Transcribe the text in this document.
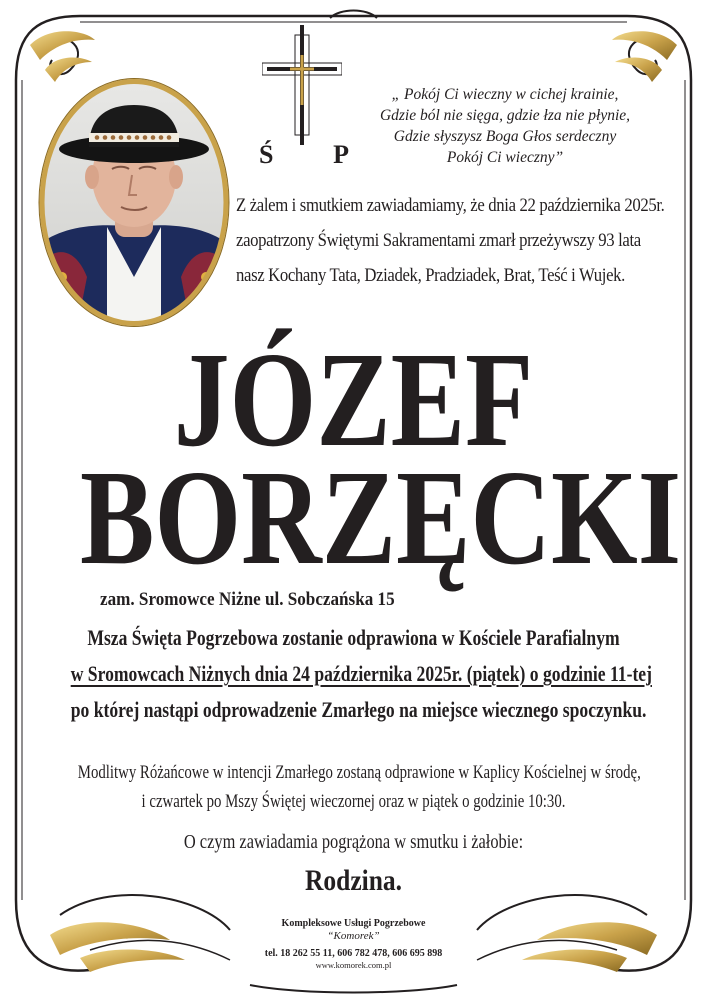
„ Pokój Ci wieczny w cichej krainie,
Gdzie ból nie sięga, gdzie łza nie płynie,
Gdzie słyszysz Boga Głos serdeczny
Pokój Ci wieczny”
Ś P
Z żalem i smutkiem zawiadamiamy, że dnia 22 października 2025r.
zaopatrzony Świętymi Sakramentami zmarł przeżywszy 93 lata
nasz Kochany Tata, Dziadek, Pradziadek, Brat, Teść i Wujek.
JÓZEF
BORZĘCKI
zam. Sromowce Niżne ul. Sobczańska 15
Msza Święta Pogrzebowa zostanie odprawiona w Kościele Parafialnym
w Sromowcach Niżnych dnia 24 października 2025r. (piątek) o godzinie 11-tej
po której nastąpi odprowadzenie Zmarłego na miejsce wiecznego spoczynku.
Modlitwy Różańcowe w intencji Zmarłego zostaną odprawione w Kaplicy Kościelnej w środę,
i czwartek po Mszy Świętej wieczornej oraz w piątek o godzinie 10:30.
O czym zawiadamia pogrążona w smutku i żałobie:
Rodzina.
Kompleksowe Usługi Pogrzebowe
“Komorek”
tel. 18 262 55 11, 606 782 478, 606 695 898
www.komorek.com.pl
